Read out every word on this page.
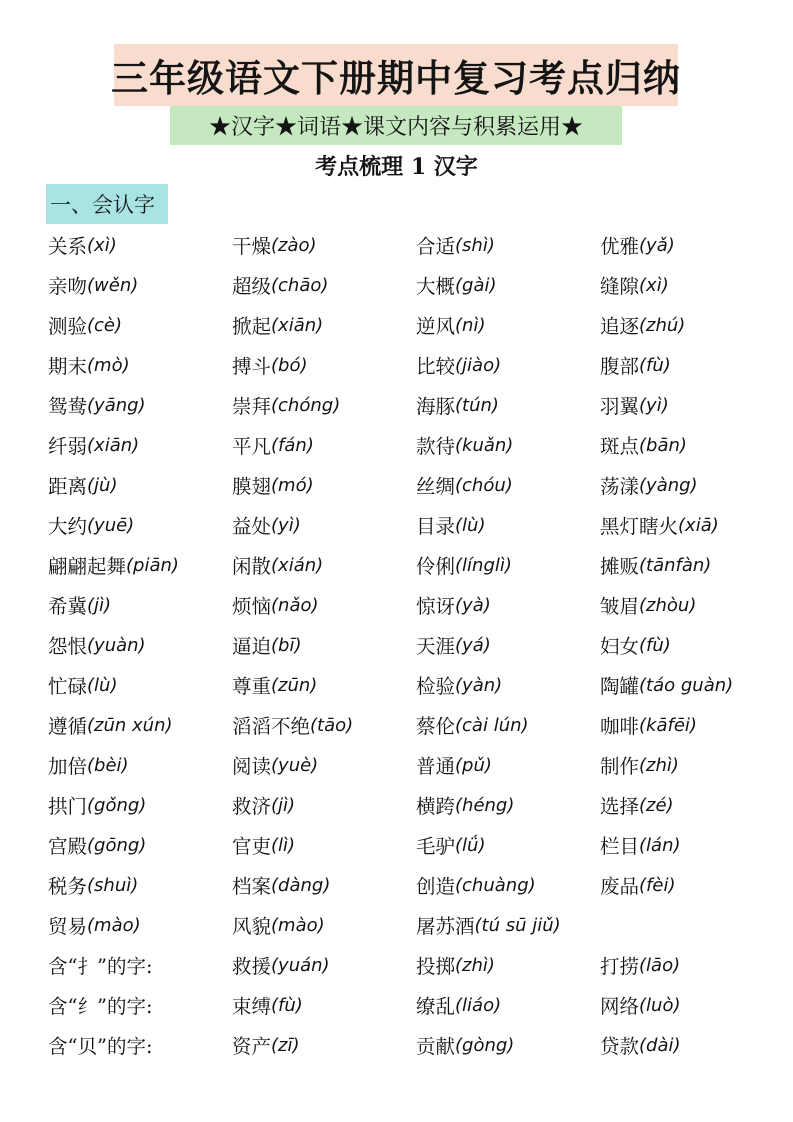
三年级语文下册期中复习考点归纳
★汉字★词语★课文内容与积累运用★
考点梳理 1 汉字
一、会认字
关系 (xì)	干燥 (zào)	合适 (shì)	优雅 (yǎ)
亲吻 (wěn)	超级 (chāo)	大概 (gài)	缝隙 (xì)
测验 (cè)	掀起 (xiān)	逆风 (nì)	追逐 (zhú)
期末 (mò)	搏斗 (bó)	比较 (jiào)	腹部 (fù)
鸳鸯 (yāng)	崇拜 (chóng)	海豚 (tún)	羽翼 (yì)
纤弱 (xiān)	平凡 (fán)	款待 (kuǎn)	斑点 (bān)
距离 (jù)	膜翅 (mó)	丝绸 (chóu)	荡漾 (yàng)
大约 (yuē)	益处 (yì)	目录 (lù)	黑灯瞎火 (xiā)
翩翩起舞 (piān)	闲散 (xián)	伶俐 (línglì)	摊贩 (tānfàn)
希冀 (jì)	烦恼 (nǎo)	惊讶 (yà)	皱眉 (zhòu)
怨恨 (yuàn)	逼迫 (bī)	天涯 (yá)	妇女 (fù)
忙碌 (lù)	尊重 (zūn)	检验 (yàn)	陶罐 (táo guàn)
遵循 (zūn xún)	滔滔不绝 (tāo)	蔡伦 (cài lún)	咖啡 (kāfēi)
加倍 (bèi)	阅读 (yuè)	普通 (pǔ)	制作 (zhì)
拱门 (gǒng)	救济 (jì)	横跨 (héng)	选择 (zé)
宫殿 (gōng)	官吏 (lì)	毛驴 (lǘ)	栏目 (lán)
税务 (shuì)	档案 (dàng)	创造 (chuàng)	废品 (fèi)
贸易 (mào)	风貌 (mào)	屠苏酒 (tú sū jiǔ)
含“扌”的字:	救援 (yuán)	投掷 (zhì)	打捞 (lāo)
含“纟”的字:	束缚 (fù)	缭乱 (liáo)	网络 (luò)
含“贝”的字:	资产 (zī)	贡献 (gòng)	贷款 (dài)
